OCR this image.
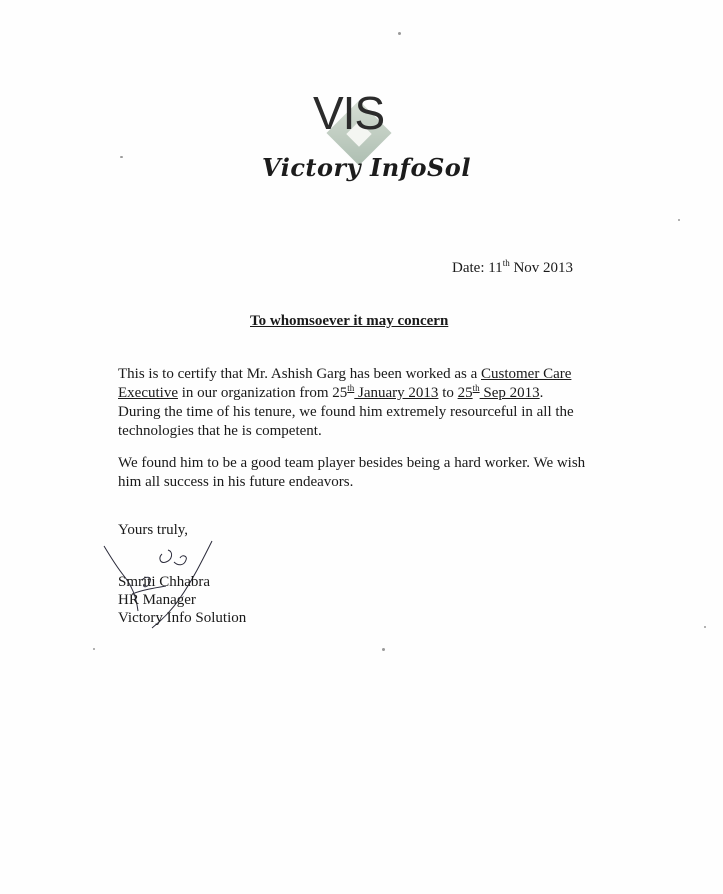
VIS
Victory InfoSol
Date: 11th Nov 2013
To whomsoever it may concern

This is to certify that Mr. Ashish Garg has been worked as a Customer Care Executive in our organization from 25th January 2013 to 25th Sep 2013. During the time of his tenure, we found him extremely resourceful in all the technologies that he is competent.

We found him to be a good team player besides being a hard worker. We wish him all success in his future endeavors.

Yours truly,
Smriti Chhabra
HR Manager
Victory Info Solution
